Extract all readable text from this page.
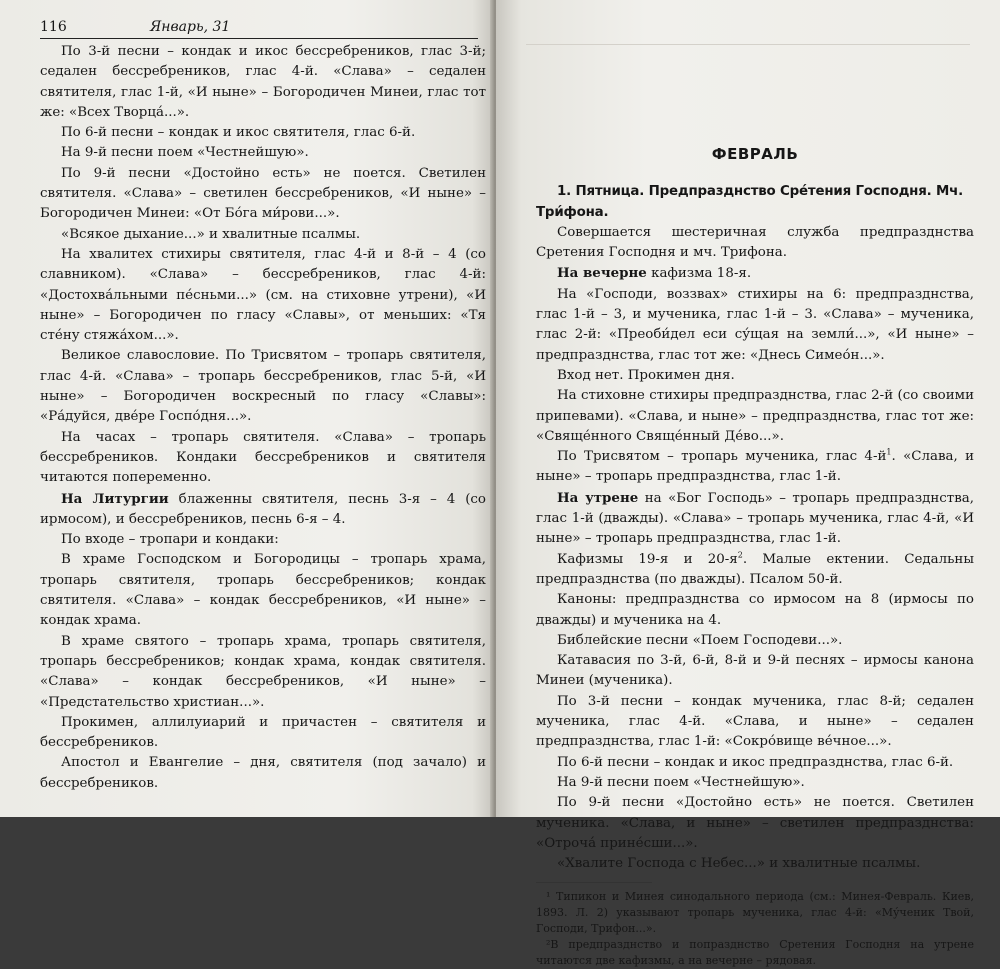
116	Январь, 31

По 3-й песни – кондак и икос бессребреников, глас 3-й; седален бессребреников, глас 4-й. «Слава» – седален святителя, глас 1-й, «И ныне» – Богородичен Минеи, глас тот же: «Всех Творца́...».

По 6-й песни – кондак и икос святителя, глас 6-й.

На 9-й песни поем «Честнейшую».

По 9-й песни «Достойно есть» не поется. Светилен святителя. «Слава» – светилен бессребреников, «И ныне» – Богородичен Минеи: «От Бо́га ми́рови...».

«Всякое дыхание...» и хвалитные псалмы.

На хвалитех стихиры святителя, глас 4-й и 8-й – 4 (со славником). «Слава» – бессребреников, глас 4-й: «Достохва́льными пе́сньми...» (см. на стиховне утрени), «И ныне» – Богородичен по гласу «Славы», от меньших: «Тя сте́ну стяжа́хом...».

Великое славословие. По Трисвятом – тропарь святителя, глас 4-й. «Слава» – тропарь бессребреников, глас 5-й, «И ныне» – Богородичен воскресный по гласу «Славы»: «Ра́дуйся, две́ре Госпо́дня...».

На часах – тропарь святителя. «Слава» – тропарь бессребреников. Кондаки бессребреников и святителя читаются попеременно.

На Литургии блаженны святителя, песнь 3-я – 4 (со ирмосом), и бессребреников, песнь 6-я – 4.

По входе – тропари и кондаки:

В храме Господском и Богородицы – тропарь храма, тропарь святителя, тропарь бессребреников; кондак святителя. «Слава» – кондак бессребреников, «И ныне» – кондак храма.

В храме святого – тропарь храма, тропарь святителя, тропарь бессребреников; кондак храма, кондак святителя. «Слава» – кондак бессребреников, «И ныне» – «Предстательство христиан...».

Прокимен, аллилуиарий и причастен – святителя и бессребреников.

Апостол и Евангелие – дня, святителя (под зачало) и бессребреников.

ФЕВРАЛЬ

1. Пятница. Предпразднство Сре́тения Господня. Мч. Три́фона.

Совершается шестеричная служба предпразднства Сретения Господня и мч. Трифона.

На вечерне кафизма 18-я.

На «Господи, воззвах» стихиры на 6: предпразднства, глас 1-й – 3, и мученика, глас 1-й – 3. «Слава» – мученика, глас 2-й: «Преоби́дел еси су́щая на земли́...», «И ныне» – предпразднства, глас тот же: «Днесь Симео́н...».

Вход нет. Прокимен дня.

На стиховне стихиры предпразднства, глас 2-й (со своими припевами). «Слава, и ныне» – предпразднства, глас тот же: «Свяще́нного Свяще́нный Де́во...».

По Трисвятом – тропарь мученика, глас $4-й^1$. «Слава, и ныне» – тропарь предпразднства, глас 1-й.

На утрене на «Бог Господь» – тропарь предпразднства, глас 1-й (дважды). «Слава» – тропарь мученика, глас 4-й, «И ныне» – тропарь предпразднства, глас 1-й.

Кафизмы 19-я и $20-я^2$. Малые ектении. Седальны предпразднства (по дважды). Псалом 50-й.

Каноны: предпразднства со ирмосом на 8 (ирмосы по дважды) и мученика на 4.

Библейские песни «Поем Господеви...».

Катавасия по 3-й, 6-й, 8-й и 9-й песнях – ирмосы канона Минеи (мученика).

По 3-й песни – кондак мученика, глас 8-й; седален мученика, глас 4-й. «Слава, и ныне» – седален предпразднства, глас 1-й: «Сокро́вище ве́чное...».

По 6-й песни – кондак и икос предпразднства, глас 6-й.

На 9-й песни поем «Честнейшую».

По 9-й песни «Достойно есть» не поется. Светилен мученика. «Слава, и ныне» – светилен предпразднства: «Отроча́ прине́сши...».

«Хвалите Господа с Небес...» и хвалитные псалмы.

¹ Типикон и Минея синодального периода (см.: Минея-Февраль. Киев, 1893. Л. 2) указывают тропарь мученика, глас 4-й: «Му́ченик Твой, Господи, Трифон...».

²В предпразднство и попразднство Сретения Господня на утрене читаются две кафизмы, а на вечерне – рядовая.
